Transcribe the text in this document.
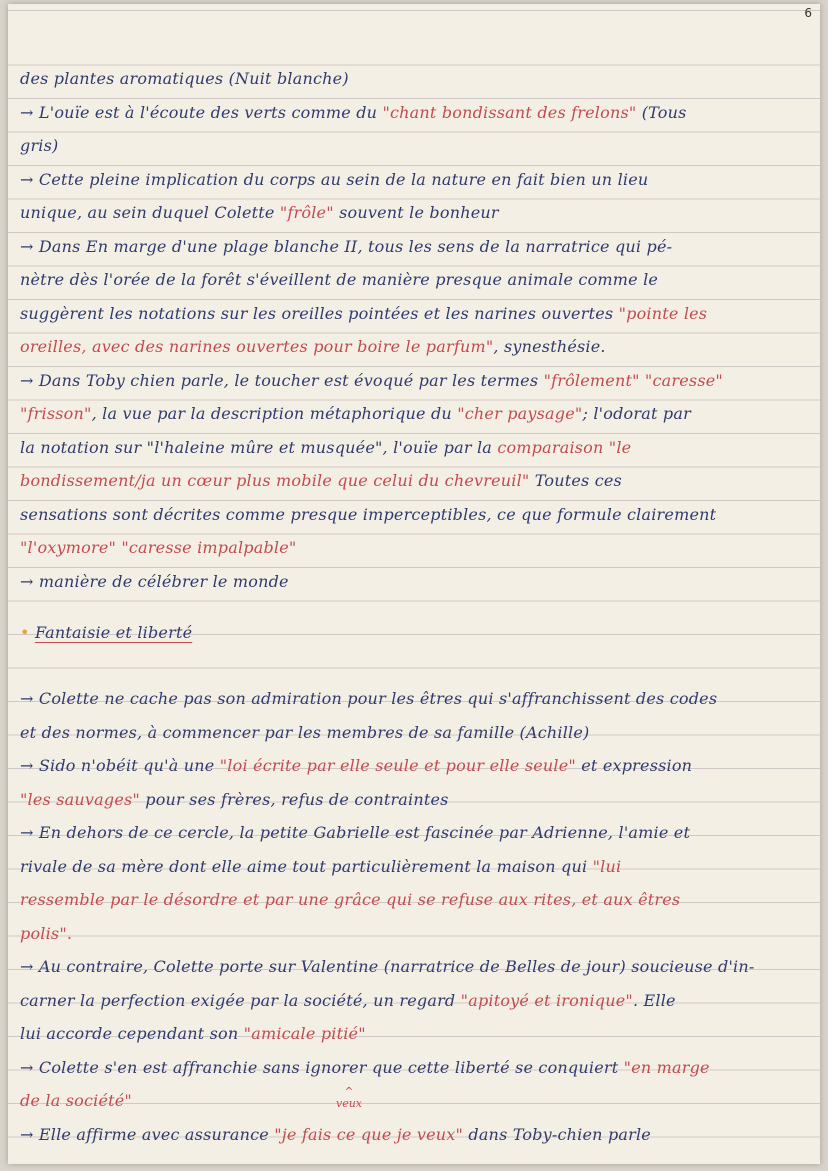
6
des plantes aromatiques (Nuit blanche)
→ L'ouïe est à l'écoute des verts comme du "chant bondissant des frelons" (Tous
gris)
→ Cette pleine implication du corps au sein de la nature en fait bien un lieu
unique, au sein duquel Colette "frôle" souvent le bonheur
→ Dans En marge d'une plage blanche II, tous les sens de la narratrice qui pé-
nètre dès l'orée de la forêt s'éveillent de manière presque animale comme le
suggèrent les notations sur les oreilles pointées et les narines ouvertes "pointe les
oreilles, avec des narines ouvertes pour boire le parfum", synesthésie.
→ Dans Toby chien parle, le toucher est évoqué par les termes "frôlement" "caresse"
"frisson", la vue par la description métaphorique du "cher paysage"; l'odorat par
la notation sur "l'haleine mûre et musquée", l'ouïe par la comparaison "le
bondissement/ja un cœur plus mobile que celui du chevreuil" Toutes ces
sensations sont décrites comme presque imperceptibles, ce que formule clairement
"l'oxymore" "caresse impalpable"
→ manière de célébrer le monde
• Fantaisie et liberté
→ Colette ne cache pas son admiration pour les êtres qui s'affranchissent des codes
et des normes, à commencer par les membres de sa famille (Achille)
→ Sido n'obéit qu'à une "loi écrite par elle seule et pour elle seule" et expression
"les sauvages" pour ses frères, refus de contraintes
→ En dehors de ce cercle, la petite Gabrielle est fascinée par Adrienne, l'amie et
rivale de sa mère dont elle aime tout particulièrement la maison qui "lui
ressemble par le désordre et par une grâce qui se refuse aux rites, et aux êtres
polis".
→ Au contraire, Colette porte sur Valentine (narratrice de Belles de jour) soucieuse d'in-
carner la perfection exigée par la société, un regard "apitoyé et ironique". Elle
lui accorde cependant son "amicale pitié"
→ Colette s'en est affranchie sans ignorer que cette liberté se conquiert "en marge
de la société"
→ Elle affirme avec assurance "je fais ce que je veux" dans Toby-chien parle
^
veux
